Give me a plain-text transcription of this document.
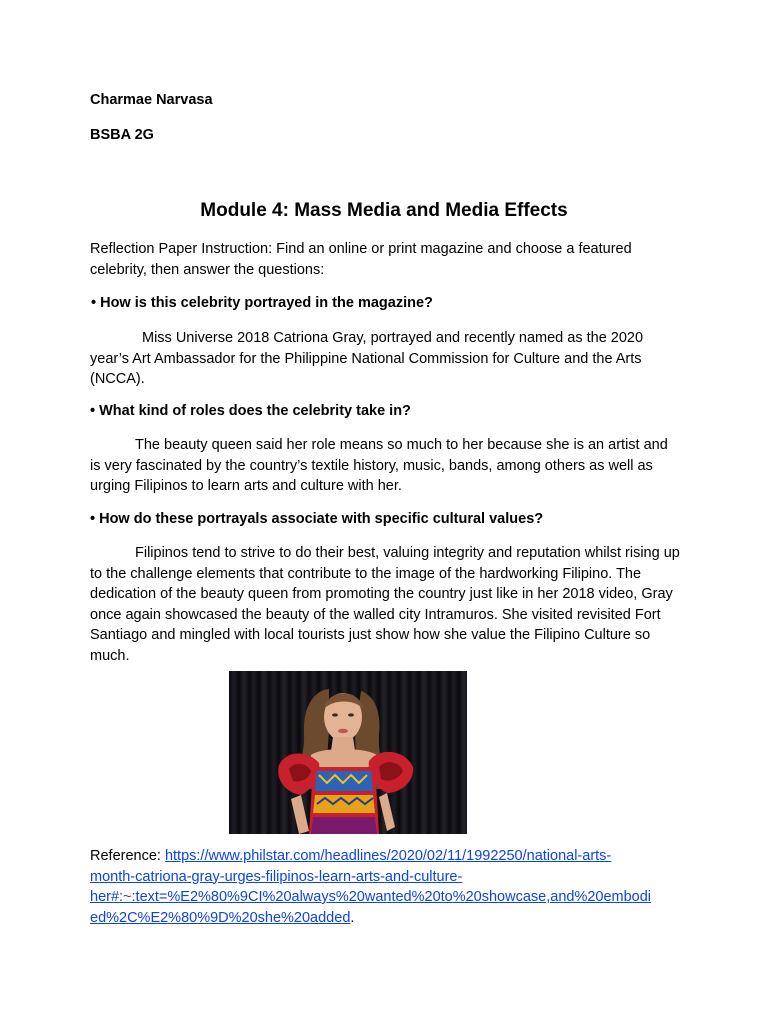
Charmae Narvasa
BSBA 2G
Module 4: Mass Media and Media Effects
Reflection Paper Instruction: Find an online or print magazine and choose a featured celebrity, then answer the questions:
• How is this celebrity portrayed in the magazine?
Miss Universe 2018 Catriona Gray, portrayed and recently named as the 2020 year’s Art Ambassador for the Philippine National Commission for Culture and the Arts (NCCA).
• What kind of roles does the celebrity take in?
The beauty queen said her role means so much to her because she is an artist and is very fascinated by the country’s textile history, music, bands, among others as well as urging Filipinos to learn arts and culture with her.
• How do these portrayals associate with specific cultural values?
Filipinos tend to strive to do their best, valuing integrity and reputation whilst rising up to the challenge elements that contribute to the image of the hardworking Filipino. The dedication of the beauty queen from promoting the country just like in her 2018 video, Gray once again showcased the beauty of the walled city Intramuros. She visited revisited Fort Santiago and mingled with local tourists just show how she value the Filipino Culture so much.
Reference: https://www.philstar.com/headlines/2020/02/11/1992250/national-arts-
month-catriona-gray-urges-filipinos-learn-arts-and-culture-
her#:~:text=%E2%80%9CI%20always%20wanted%20to%20showcase,and%20embodi
ed%2C%E2%80%9D%20she%20added.
